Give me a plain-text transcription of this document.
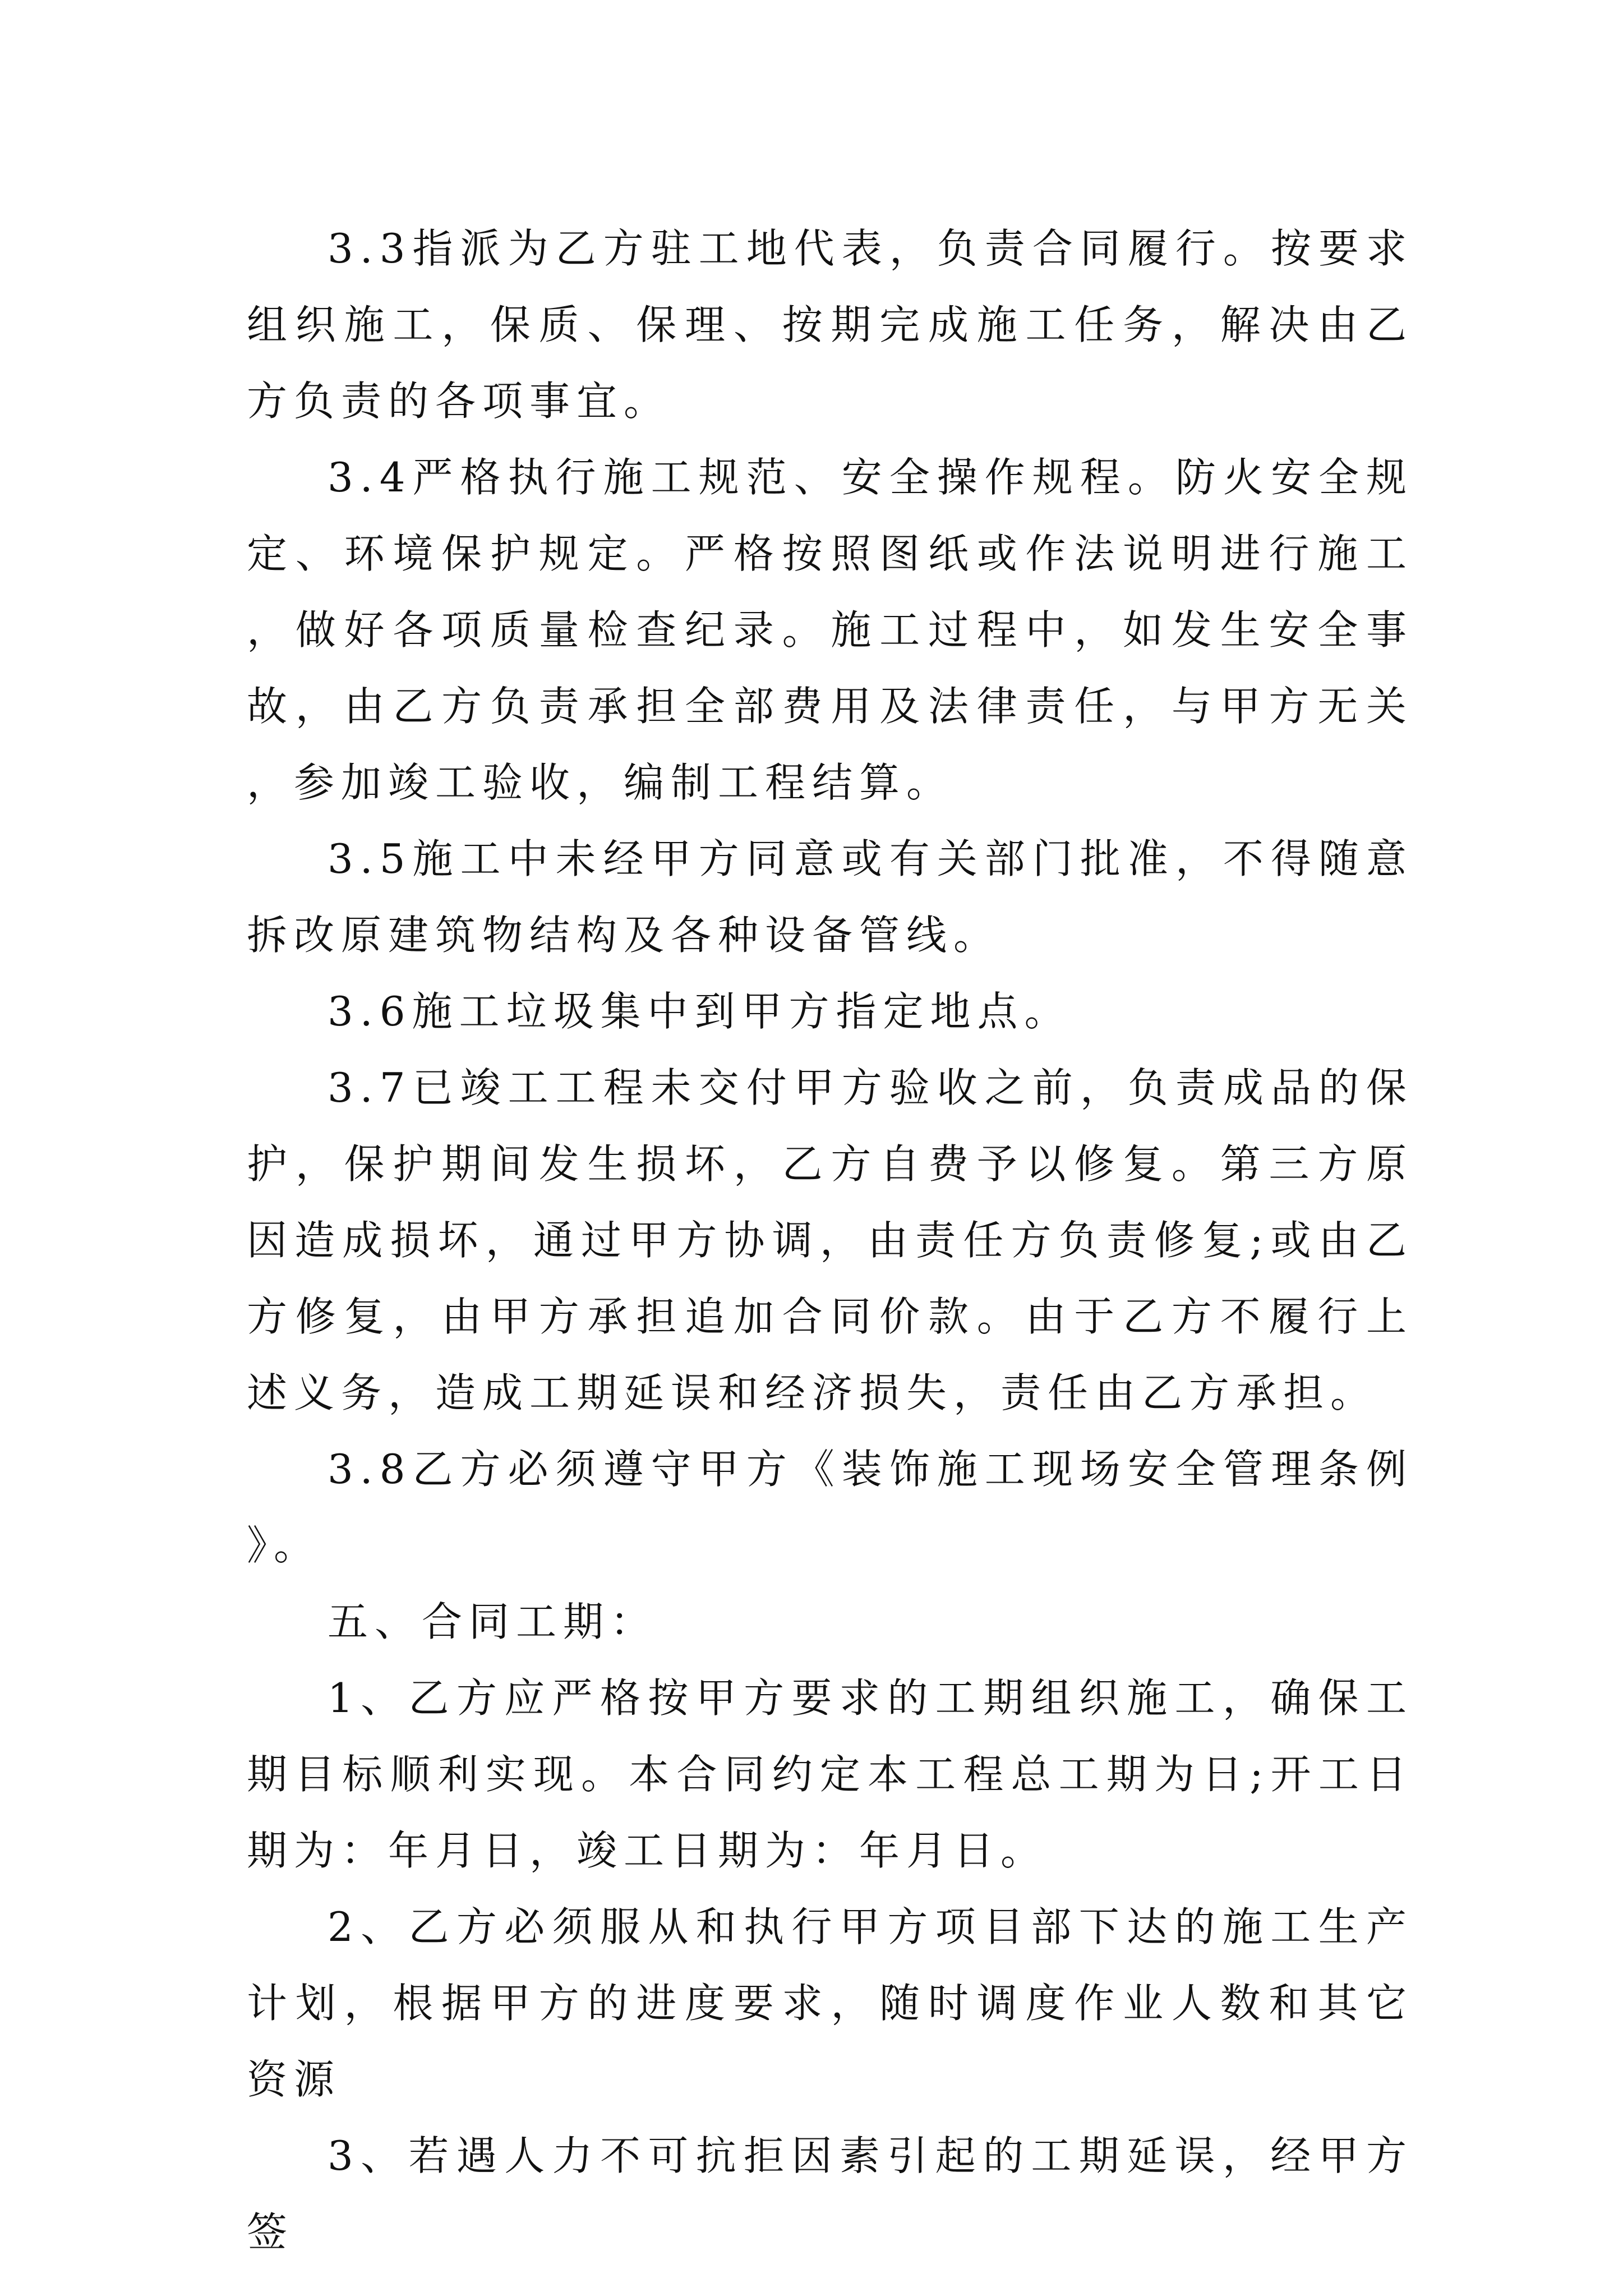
3.3指派为乙方驻工地代表，负责合同履行。按要求组织施工，保质、保理、按期完成施工任务，解决由乙方负责的各项事宜。

3.4严格执行施工规范、安全操作规程。防火安全规定、环境保护规定。严格按照图纸或作法说明进行施工，做好各项质量检查纪录。施工过程中，如发生安全事故，由乙方负责承担全部费用及法律责任，与甲方无关，参加竣工验收，编制工程结算。

3.5施工中未经甲方同意或有关部门批准，不得随意拆改原建筑物结构及各种设备管线。

3.6施工垃圾集中到甲方指定地点。

3.7已竣工工程未交付甲方验收之前，负责成品的保护，保护期间发生损坏，乙方自费予以修复。第三方原因造成损坏，通过甲方协调，由责任方负责修复;或由乙方修复，由甲方承担追加合同价款。由于乙方不履行上述义务，造成工期延误和经济损失，责任由乙方承担。

3.8乙方必须遵守甲方《装饰施工现场安全管理条例》。

五、合同工期：

1、乙方应严格按甲方要求的工期组织施工，确保工期目标顺利实现。本合同约定本工程总工期为日;开工日期为：年月日，竣工日期为：年月日。

2、乙方必须服从和执行甲方项目部下达的施工生产计划，根据甲方的进度要求，随时调度作业人数和其它资源

3、若遇人力不可抗拒因素引起的工期延误，经甲方签
